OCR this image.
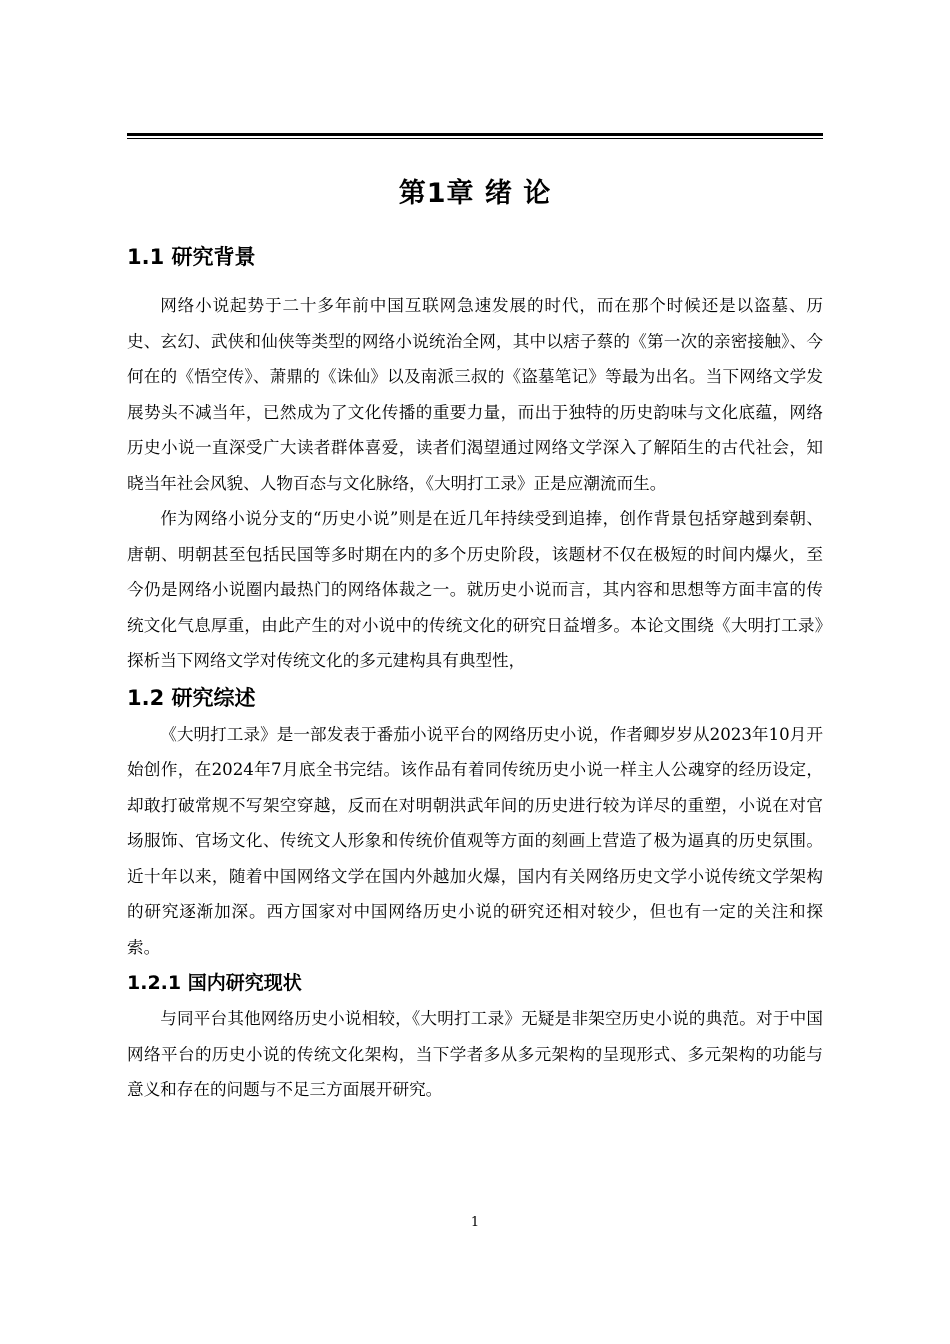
第1章 绪 论
1.1 研究背景

网络小说起势于二十多年前中国互联网急速发展的时代，而在那个时候还是以盗墓、历史、玄幻、武侠和仙侠等类型的网络小说统治全网，其中以痞子蔡的《第一次的亲密接触》、今何在的《悟空传》、萧鼎的《诛仙》以及南派三叔的《盗墓笔记》等最为出名。当下网络文学发展势头不减当年，已然成为了文化传播的重要力量，而出于独特的历史韵味与文化底蕴，网络历史小说一直深受广大读者群体喜爱，读者们渴望通过网络文学深入了解陌生的古代社会，知晓当年社会风貌、人物百态与文化脉络，《大明打工录》正是应潮流而生。

作为网络小说分支的“历史小说”则是在近几年持续受到追捧，创作背景包括穿越到秦朝、唐朝、明朝甚至包括民国等多时期在内的多个历史阶段，该题材不仅在极短的时间内爆火，至今仍是网络小说圈内最热门的网络体裁之一。就历史小说而言，其内容和思想等方面丰富的传统文化气息厚重，由此产生的对小说中的传统文化的研究日益增多。本论文围绕《大明打工录》探析当下网络文学对传统文化的多元建构具有典型性，

1.2 研究综述

《大明打工录》是一部发表于番茄小说平台的网络历史小说，作者卿岁岁从2023年10月开始创作，在2024年7月底全书完结。该作品有着同传统历史小说一样主人公魂穿的经历设定，却敢打破常规不写架空穿越，反而在对明朝洪武年间的历史进行较为详尽的重塑，小说在对官场服饰、官场文化、传统文人形象和传统价值观等方面的刻画上营造了极为逼真的历史氛围。近十年以来，随着中国网络文学在国内外越加火爆，国内有关网络历史文学小说传统文学架构的研究逐渐加深。西方国家对中国网络历史小说的研究还相对较少，但也有一定的关注和探索。

1.2.1 国内研究现状

与同平台其他网络历史小说相较，《大明打工录》无疑是非架空历史小说的典范。对于中国网络平台的历史小说的传统文化架构，当下学者多从多元架构的呈现形式、多元架构的功能与意义和存在的问题与不足三方面展开研究。

1
